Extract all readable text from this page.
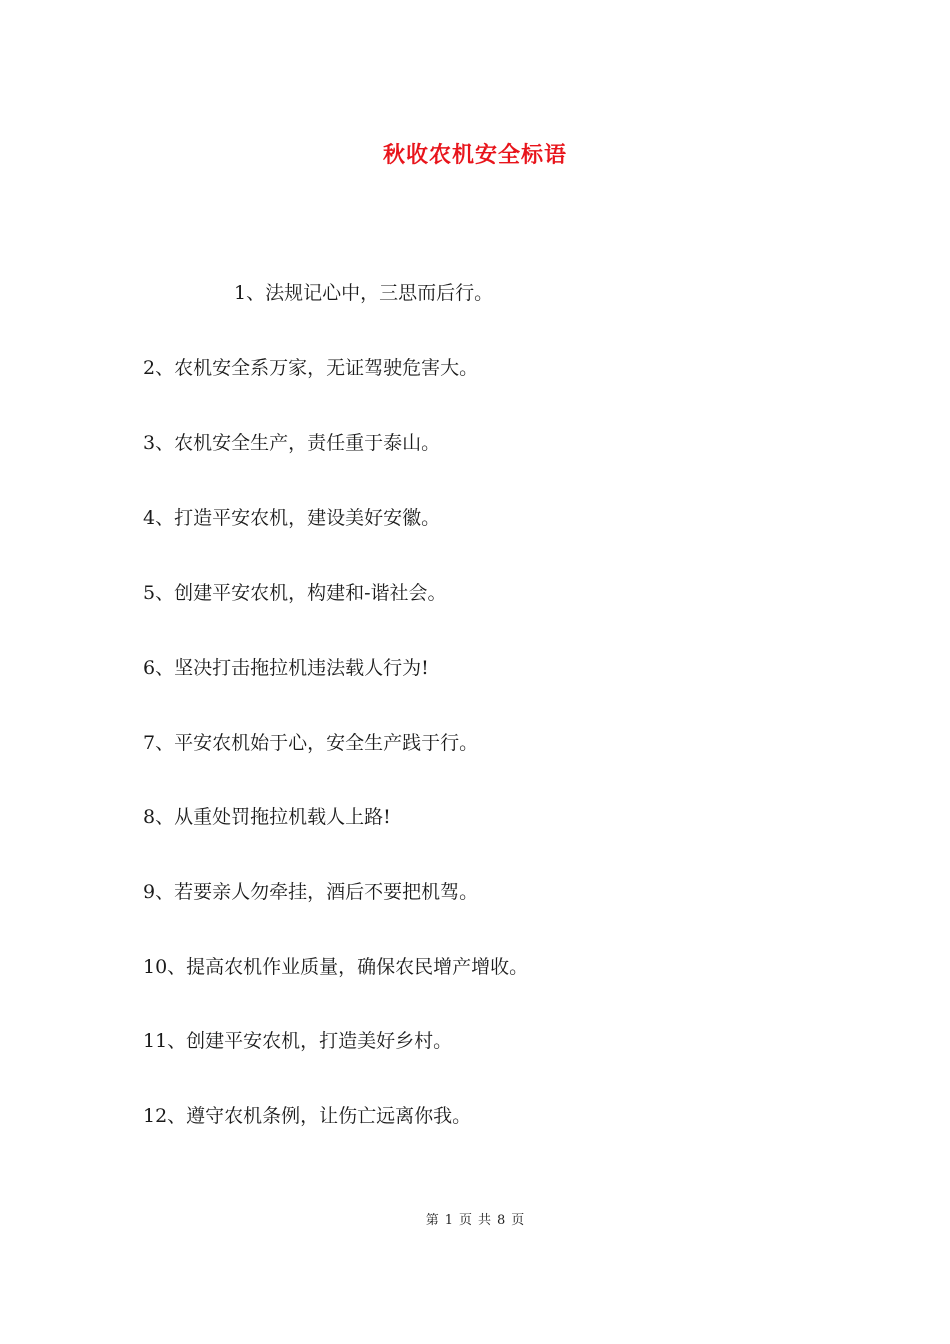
秋收农机安全标语
1、法规记心中，三思而后行。
2、农机安全系万家，无证驾驶危害大。
3、农机安全生产，责任重于泰山。
4、打造平安农机，建设美好安徽。
5、创建平安农机，构建和-谐社会。
6、坚决打击拖拉机违法载人行为!
7、平安农机始于心，安全生产践于行。
8、从重处罚拖拉机载人上路!
9、若要亲人勿牵挂，酒后不要把机驾。
10、提高农机作业质量，确保农民增产增收。
11、创建平安农机，打造美好乡村。
12、遵守农机条例，让伤亡远离你我。
第 1 页 共 8 页
